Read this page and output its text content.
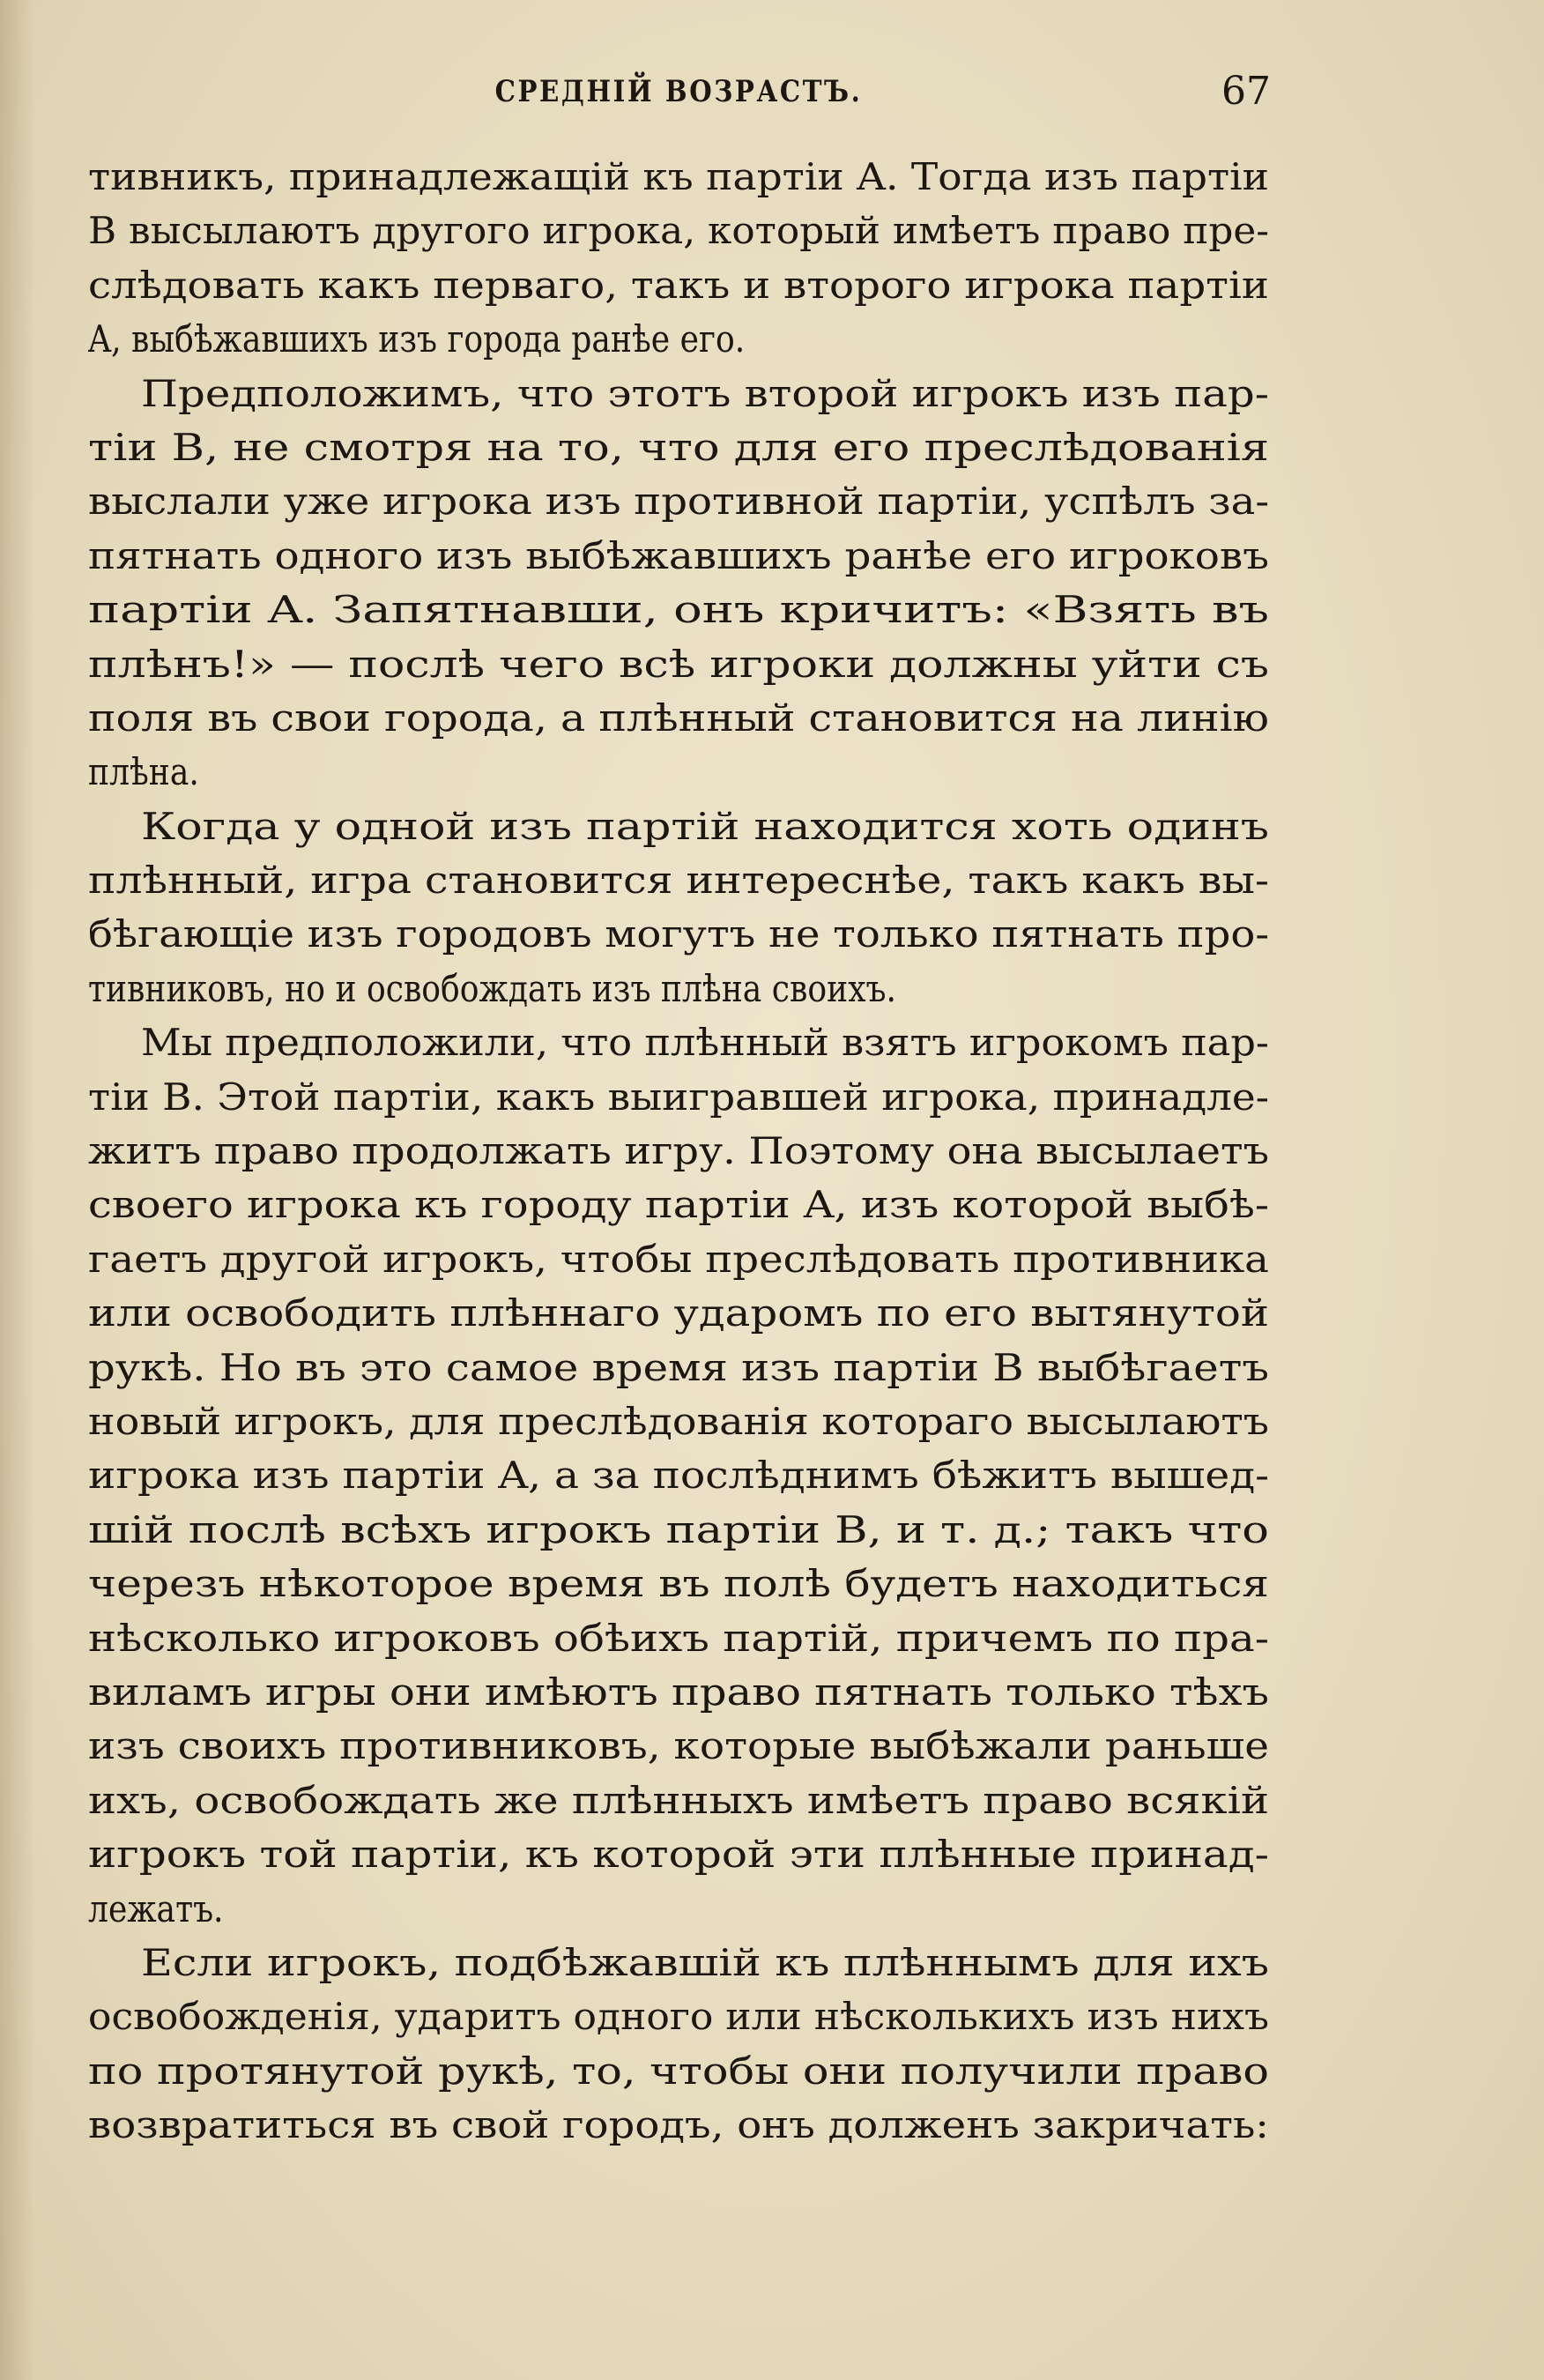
СРЕДНІЙ ВОЗРАСТЪ.	67
тивникъ, принадлежащій къ партіи A. Тогда изъ партіи
B высылаютъ другого игрока, который имѣетъ право пре-
слѣдовать какъ перваго, такъ и второго игрока партіи
A, выбѣжавшихъ изъ города ранѣе его.
Предположимъ, что этотъ второй игрокъ изъ пар-
тіи B, не смотря на то, что для его преслѣдованія
выслали уже игрока изъ противной партіи, успѣлъ за-
пятнать одного изъ выбѣжавшихъ ранѣе его игроковъ
партіи A. Запятнавши, онъ кричитъ: «Взять въ
плѣнъ!» — послѣ чего всѣ игроки должны уйти съ
поля въ свои города, а плѣнный становится на линію
плѣна.
Когда у одной изъ партій находится хоть одинъ
плѣнный, игра становится интереснѣе, такъ какъ вы-
бѣгающіе изъ городовъ могутъ не только пятнать про-
тивниковъ, но и освобождать изъ плѣна своихъ.
Мы предположили, что плѣнный взятъ игрокомъ пар-
тіи B. Этой партіи, какъ выигравшей игрока, принадле-
житъ право продолжать игру. Поэтому она высылаетъ
своего игрока къ городу партіи A, изъ которой выбѣ-
гаетъ другой игрокъ, чтобы преслѣдовать противника
или освободить плѣннаго ударомъ по его вытянутой
рукѣ. Но въ это самое время изъ партіи B выбѣгаетъ
новый игрокъ, для преслѣдованія котораго высылаютъ
игрока изъ партіи A, а за послѣднимъ бѣжитъ вышед-
шій послѣ всѣхъ игрокъ партіи B, и т. д.; такъ что
черезъ нѣкоторое время въ полѣ будетъ находиться
нѣсколько игроковъ обѣихъ партій, причемъ по пра-
виламъ игры они имѣютъ право пятнать только тѣхъ
изъ своихъ противниковъ, которые выбѣжали раньше
ихъ, освобождать же плѣнныхъ имѣетъ право всякій
игрокъ той партіи, къ которой эти плѣнные принад-
лежатъ.
Если игрокъ, подбѣжавшій къ плѣннымъ для ихъ
освобожденія, ударитъ одного или нѣсколькихъ изъ нихъ
по протянутой рукѣ, то, чтобы они получили право
возвратиться въ свой городъ, онъ долженъ закричать:
